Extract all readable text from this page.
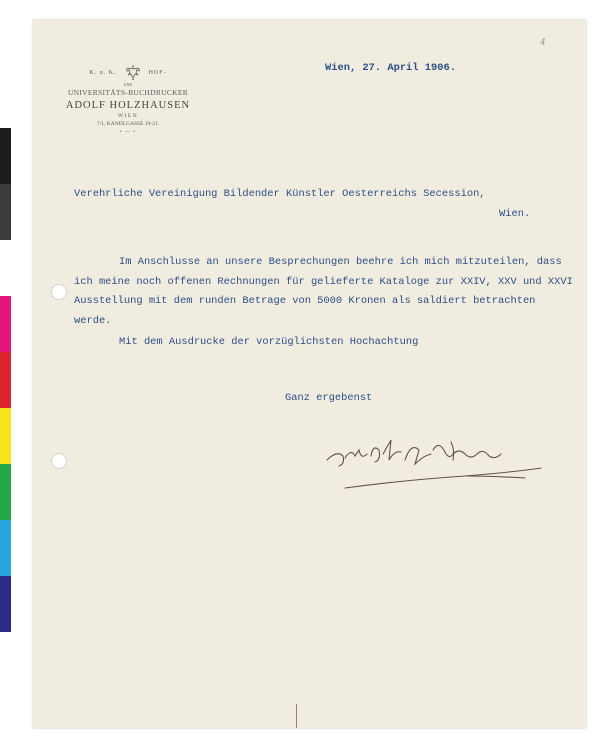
4
K. u. K.	HOF-
UND
UNIVERSITÄTS-BUCHDRUCKER
ADOLF HOLZHAUSEN
WIEN
7/1, KANDLGASSE 19-21.
• — •
Wien, 27. April 1906.
Verehrliche Vereinigung Bildender Künstler Oesterreichs Secession,
Wien.
Im Anschlusse an unsere Besprechungen beehre ich mich mitzuteilen, dass
ich meine noch offenen Rechnungen für gelieferte Kataloge zur XXIV, XXV und XXVI
Ausstellung mit dem runden Betrage von 5000 Kronen als saldiert betrachten
werde.
Mit dem Ausdrucke der vorzüglichsten Hochachtung
Ganz ergebenst
